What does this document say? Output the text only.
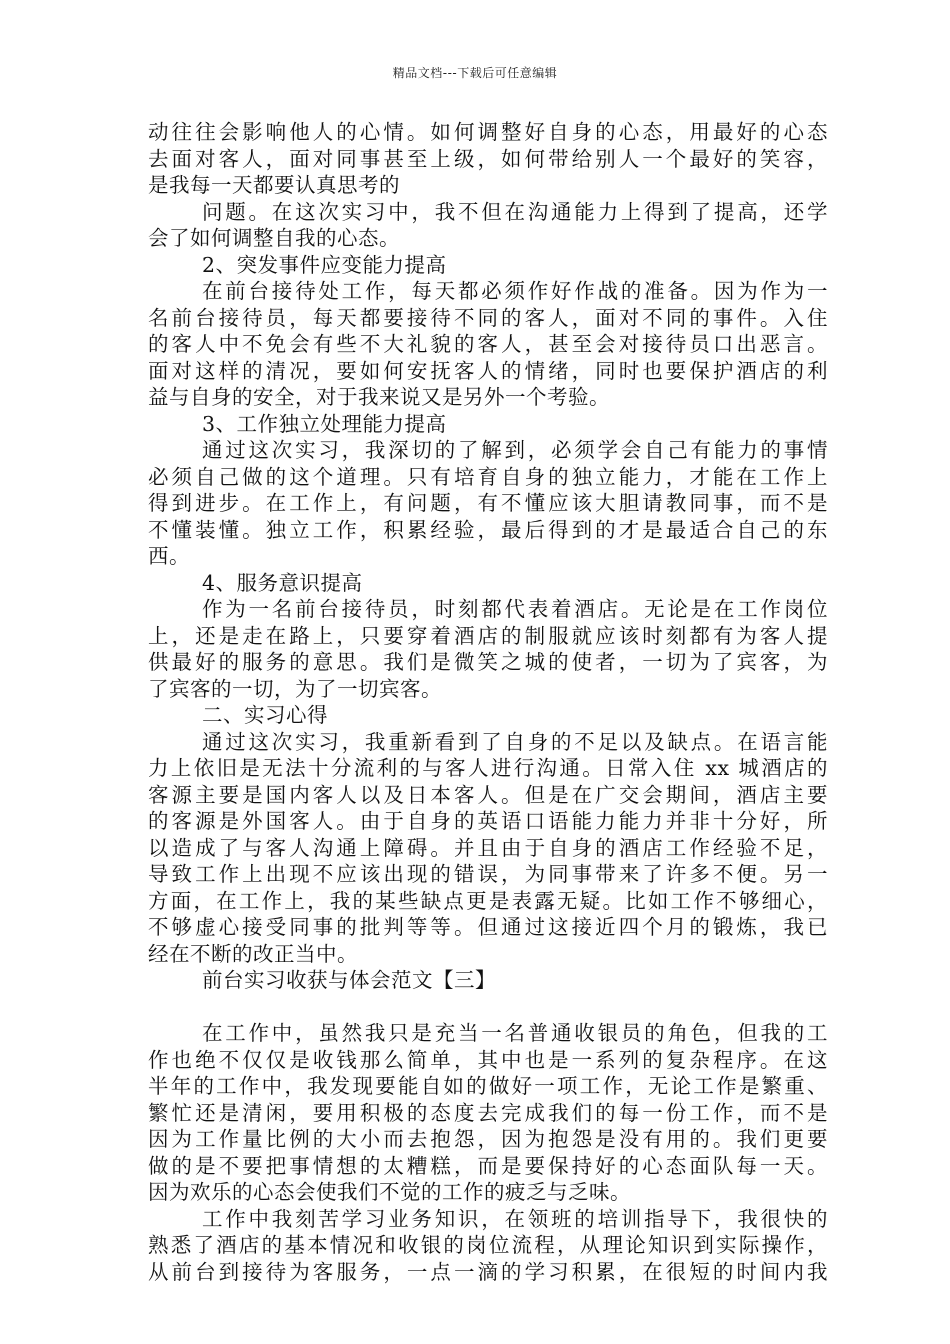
精品文档---下载后可任意编辑
动往往会影响他人的心情。如何调整好自身的心态，用最好的心态
去面对客人，面对同事甚至上级，如何带给别人一个最好的笑容，
是我每一天都要认真思考的
问题。在这次实习中，我不但在沟通能力上得到了提高，还学
会了如何调整自我的心态。
2、突发事件应变能力提高
在前台接待处工作，每天都必须作好作战的准备。因为作为一
名前台接待员，每天都要接待不同的客人，面对不同的事件。入住
的客人中不免会有些不大礼貌的客人，甚至会对接待员口出恶言。
面对这样的清况，要如何安抚客人的情绪，同时也要保护酒店的利
益与自身的安全，对于我来说又是另外一个考验。
3、工作独立处理能力提高
通过这次实习，我深切的了解到，必须学会自己有能力的事情
必须自己做的这个道理。只有培育自身的独立能力，才能在工作上
得到进步。在工作上，有问题，有不懂应该大胆请教同事，而不是
不懂装懂。独立工作，积累经验，最后得到的才是最适合自己的东
西。
4、服务意识提高
作为一名前台接待员，时刻都代表着酒店。无论是在工作岗位
上，还是走在路上，只要穿着酒店的制服就应该时刻都有为客人提
供最好的服务的意思。我们是微笑之城的使者，一切为了宾客，为
了宾客的一切，为了一切宾客。
二、实习心得
通过这次实习，我重新看到了自身的不足以及缺点。在语言能
力上依旧是无法十分流利的与客人进行沟通。日常入住 xx 城酒店的
客源主要是国内客人以及日本客人。但是在广交会期间，酒店主要
的客源是外国客人。由于自身的英语口语能力能力并非十分好，所
以造成了与客人沟通上障碍。并且由于自身的酒店工作经验不足，
导致工作上出现不应该出现的错误，为同事带来了许多不便。另一
方面，在工作上，我的某些缺点更是表露无疑。比如工作不够细心，
不够虚心接受同事的批判等等。但通过这接近四个月的锻炼，我已
经在不断的改正当中。
前台实习收获与体会范文【三】
在工作中，虽然我只是充当一名普通收银员的角色，但我的工
作也绝不仅仅是收钱那么简单，其中也是一系列的复杂程序。在这
半年的工作中，我发现要能自如的做好一项工作，无论工作是繁重、
繁忙还是清闲，要用积极的态度去完成我们的每一份工作，而不是
因为工作量比例的大小而去抱怨，因为抱怨是没有用的。我们更要
做的是不要把事情想的太糟糕，而是要保持好的心态面队每一天。
因为欢乐的心态会使我们不觉的工作的疲乏与乏味。
工作中我刻苦学习业务知识，在领班的培训指导下，我很快的
熟悉了酒店的基本情况和收银的岗位流程，从理论知识到实际操作，
从前台到接待为客服务，一点一滴的学习积累，在很短的时间内我
